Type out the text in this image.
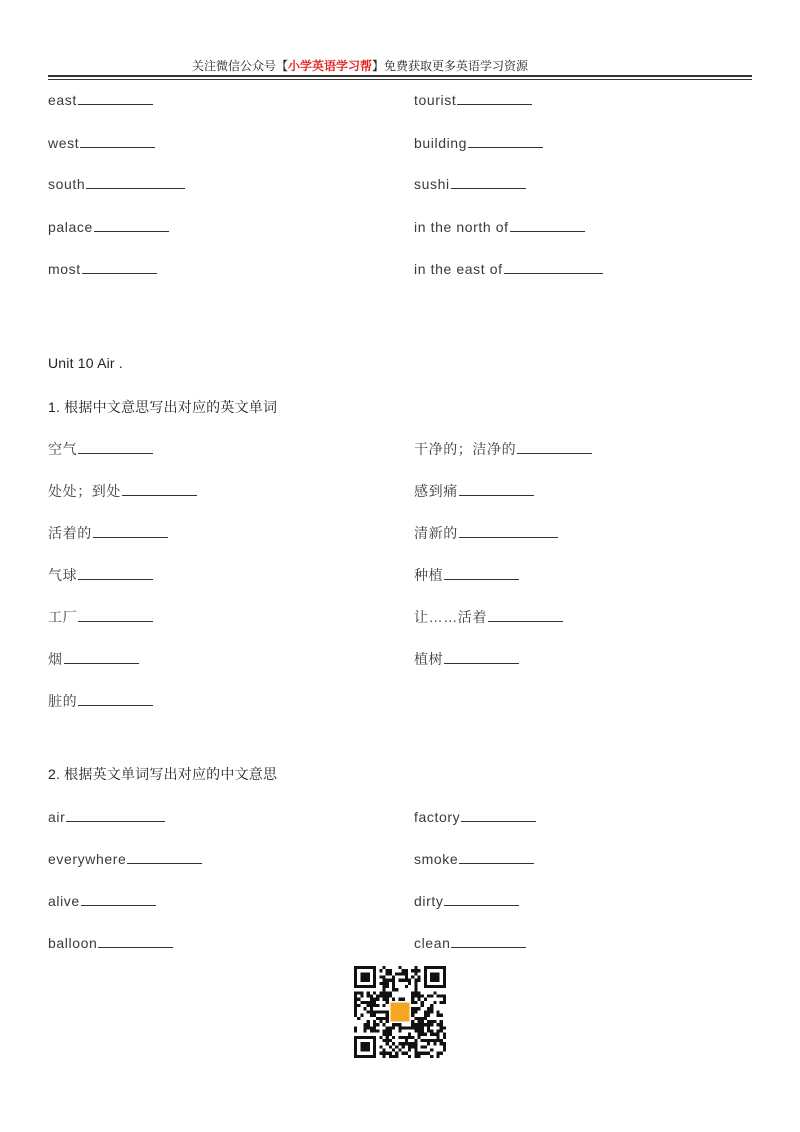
关注微信公众号【小学英语学习帮】免费获取更多英语学习资源
east
west
south
palace
most
tourist
building
sushi
in the north of
in the east of
Unit 10 Air .
1. 根据中文意思写出对应的英文单词
空气
处处；到处
活着的
气球
工厂
烟
脏的
干净的；洁净的
感到痛
清新的
种植
让……活着
植树
2. 根据英文单词写出对应的中文意思
air
everywhere
alive
balloon
factory
smoke
dirty
clean
